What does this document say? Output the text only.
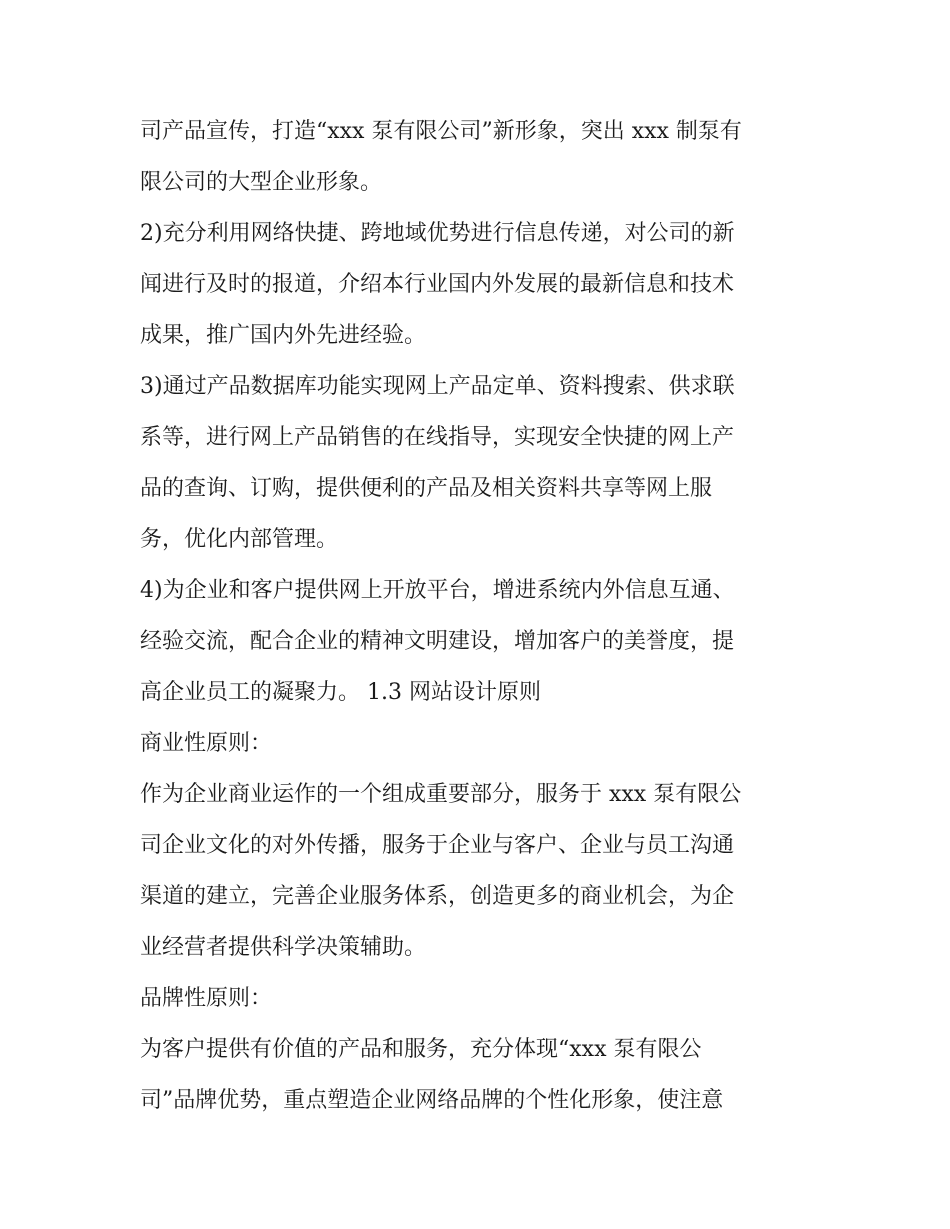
司产品宣传，打造“xxx 泵有限公司”新形象，突出 xxx 制泵有
限公司的大型企业形象。
2)充分利用网络快捷、跨地域优势进行信息传递，对公司的新
闻进行及时的报道，介绍本行业国内外发展的最新信息和技术
成果，推广国内外先进经验。
3)通过产品数据库功能实现网上产品定单、资料搜索、供求联
系等，进行网上产品销售的在线指导，实现安全快捷的网上产
品的查询、订购，提供便利的产品及相关资料共享等网上服
务，优化内部管理。
4)为企业和客户提供网上开放平台，增进系统内外信息互通、
经验交流，配合企业的精神文明建设，增加客户的美誉度，提
高企业员工的凝聚力。 1.3 网站设计原则
商业性原则：
作为企业商业运作的一个组成重要部分，服务于 xxx 泵有限公
司企业文化的对外传播，服务于企业与客户、企业与员工沟通
渠道的建立，完善企业服务体系，创造更多的商业机会，为企
业经营者提供科学决策辅助。
品牌性原则：
为客户提供有价值的产品和服务，充分体现“xxx 泵有限公
司”品牌优势，重点塑造企业网络品牌的个性化形象，使注意
